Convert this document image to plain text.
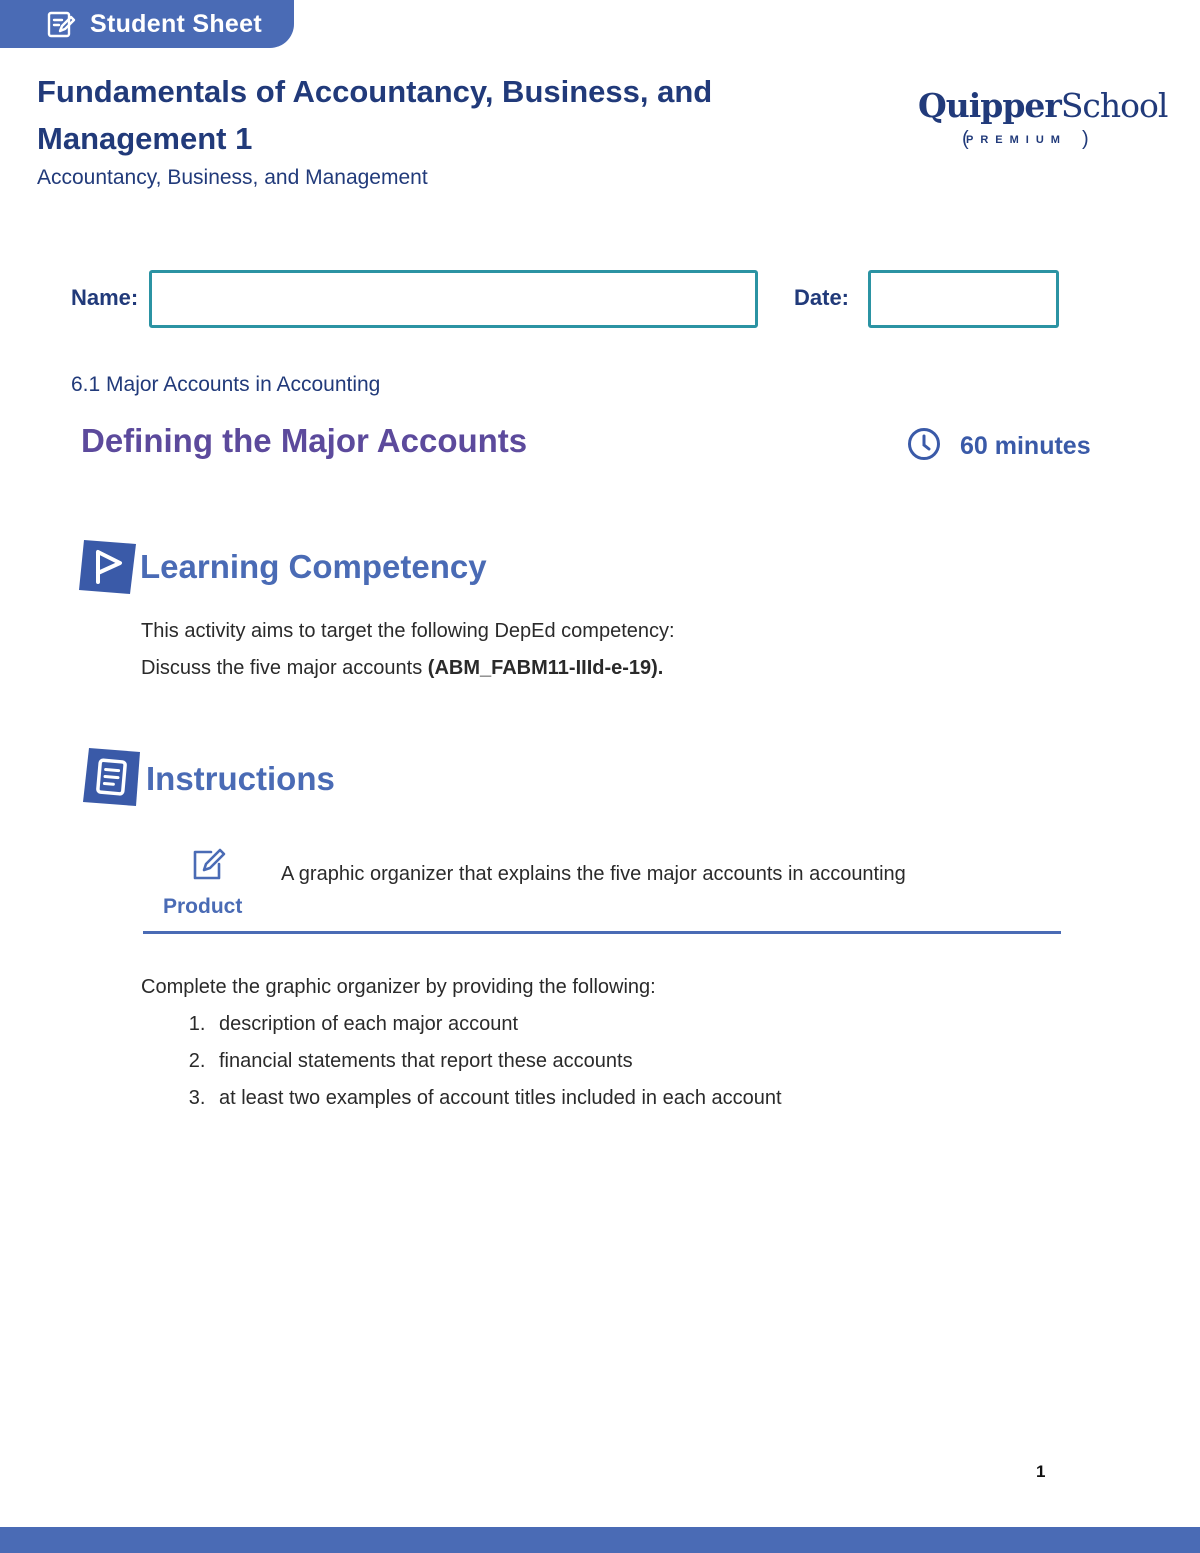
Student Sheet
Fundamentals of Accountancy, Business, and Management 1
Accountancy, Business, and Management
QuipperSchool
(
PREMIUM )
Name:	Date:
6.1 Major Accounts in Accounting
Defining the Major Accounts	60 minutes
Learning Competency
This activity aims to target the following DepEd competency:
Discuss the five major accounts (ABM_FABM11-IIId-e-19).
Instructions
Product
A graphic organizer that explains the five major accounts in accounting
Complete the graphic organizer by providing the following:
1. description of each major account
2. financial statements that report these accounts
3. at least two examples of account titles included in each account
1
